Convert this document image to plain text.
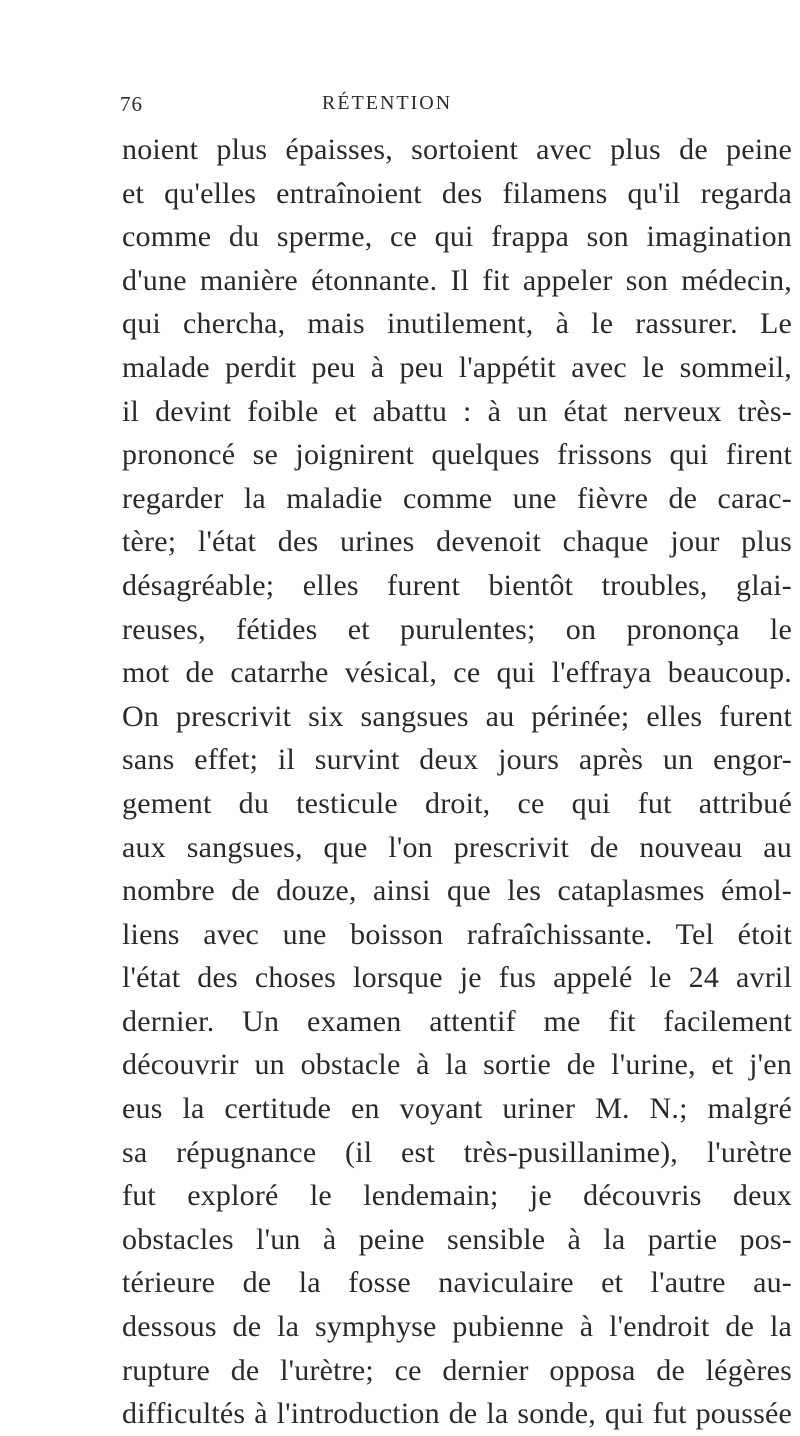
76	RÉTENTION
noient plus épaisses, sortoient avec plus de peine
et qu'elles entraînoient des filamens qu'il regarda
comme du sperme, ce qui frappa son imagination
d'une manière étonnante. Il fit appeler son médecin,
qui chercha, mais inutilement, à le rassurer. Le
malade perdit peu à peu l'appétit avec le sommeil,
il devint foible et abattu : à un état nerveux très-
prononcé se joignirent quelques frissons qui firent
regarder la maladie comme une fièvre de carac-
tère; l'état des urines devenoit chaque jour plus
désagréable; elles furent bientôt troubles, glai-
reuses, fétides et purulentes; on prononça le
mot de catarrhe vésical, ce qui l'effraya beaucoup.
On prescrivit six sangsues au périnée; elles furent
sans effet; il survint deux jours après un engor-
gement du testicule droit, ce qui fut attribué
aux sangsues, que l'on prescrivit de nouveau au
nombre de douze, ainsi que les cataplasmes émol-
liens avec une boisson rafraîchissante. Tel étoit
l'état des choses lorsque je fus appelé le 24 avril
dernier. Un examen attentif me fit facilement
découvrir un obstacle à la sortie de l'urine, et j'en
eus la certitude en voyant uriner M. N.; malgré
sa répugnance (il est très-pusillanime), l'urètre
fut exploré le lendemain; je découvris deux
obstacles l'un à peine sensible à la partie pos-
térieure de la fosse naviculaire et l'autre au-
dessous de la symphyse pubienne à l'endroit de la
rupture de l'urètre; ce dernier opposa de légères
difficultés à l'introduction de la sonde, qui fut poussée
